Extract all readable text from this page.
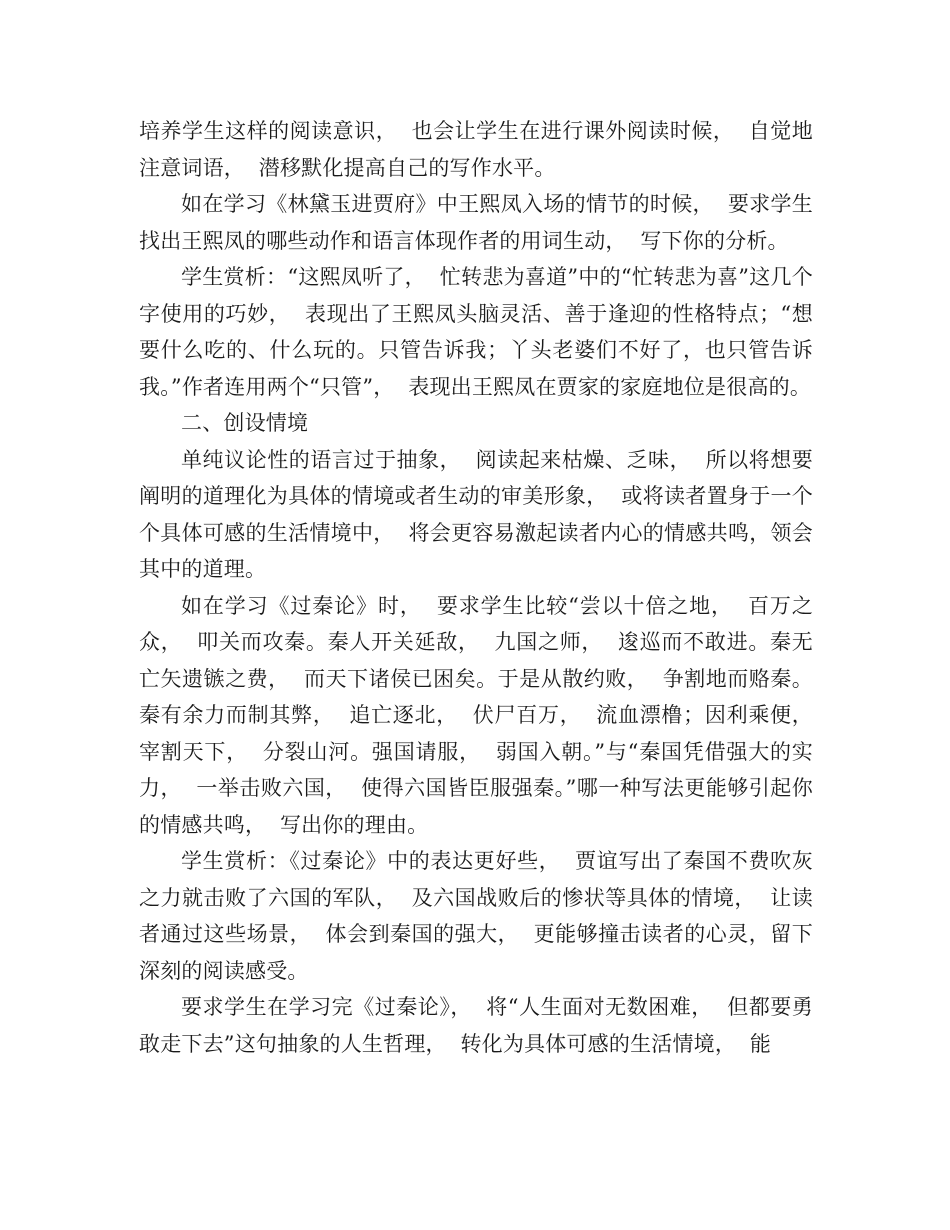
培养学生这样的阅读意识，  也会让学生在进行课外阅读时候，  自觉地注意词语，  潜移默化提高自己的写作水平。

如在学习《林黛玉进贾府》中王熙凤入场的情节的时候，  要求学生找出王熙凤的哪些动作和语言体现作者的用词生动，  写下你的分析。

学生赏析：“这熙凤听了，  忙转悲为喜道”中的“忙转悲为喜”这几个字使用的巧妙，  表现出了王熙凤头脑灵活、善于逢迎的性格特点；“想要什么吃的、什么玩的。只管告诉我；丫头老婆们不好了，也只管告诉我。”作者连用两个“只管”，  表现出王熙凤在贾家的家庭地位是很高的。

二、创设情境

单纯议论性的语言过于抽象，  阅读起来枯燥、乏味，  所以将想要阐明的道理化为具体的情境或者生动的审美形象，  或将读者置身于一个个具体可感的生活情境中，  将会更容易激起读者内心的情感共鸣，领会其中的道理。

如在学习《过秦论》时，  要求学生比较“尝以十倍之地，  百万之众，  叩关而攻秦。秦人开关延敌，  九国之师，  逡巡而不敢进。秦无亡矢遗镞之费，  而天下诸侯已困矣。于是从散约败，  争割地而赂秦。秦有余力而制其弊，  追亡逐北，  伏尸百万，  流血漂橹；因利乘便，宰割天下，  分裂山河。强国请服，  弱国入朝。”与“秦国凭借强大的实力，  一举击败六国，  使得六国皆臣服强秦。”哪一种写法更能够引起你的情感共鸣，  写出你的理由。

学生赏析：《过秦论》中的表达更好些，  贾谊写出了秦国不费吹灰之力就击败了六国的军队，  及六国战败后的惨状等具体的情境，  让读者通过这些场景，  体会到秦国的强大，  更能够撞击读者的心灵，留下深刻的阅读感受。

要求学生在学习完《过秦论》，  将“人生面对无数困难，  但都要勇敢走下去”这句抽象的人生哲理，  转化为具体可感的生活情境，  能
